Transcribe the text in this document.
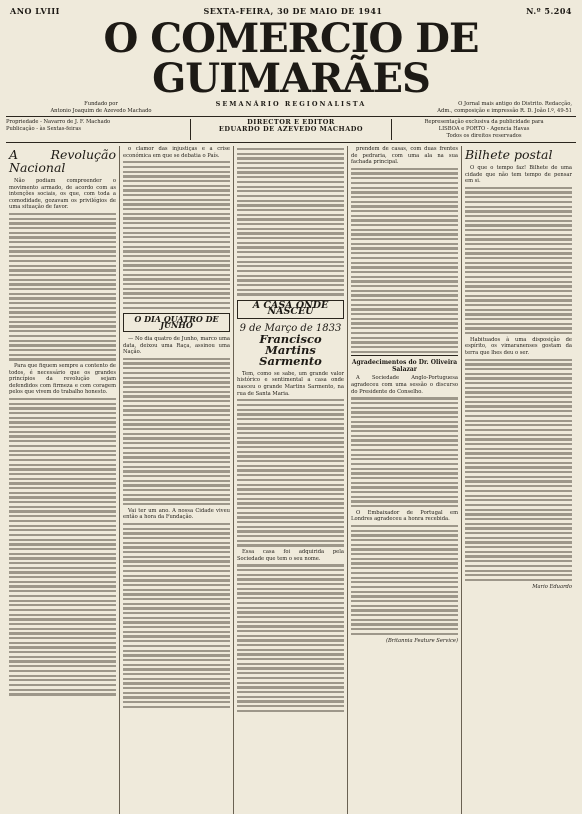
ANO LVIII	SEXTA-FEIRA, 30 DE MAIO DE 1941	N.º 5.204
O COMERCIO DE GUIMARÃES
Fundado por
Antonio Joaquim de Azevedo Machado
SEMANÁRIO REGIONALISTA	O Jornal mais antigo do Distrito. Redacção,
Adm., composição e impressão R. D. João I.º, 49-51
Propriedade - Navarro de J. F. Machado
Publicação - às Sextas-feiras
DIRECTOR E EDITOR
EDUARDO DE AZEVEDO MACHADO
Representação exclusiva da publicidade para
LISBOA e PORTO - Agencia Havas
Todos os direitos reservados
A Revolução Nacional

Não podiam compreender o movimento armado, de acordo com as intenções sociais, os que, com toda a comodidade, gozavam os privilégios de uma situação de favor.

Para que fiquem sempre a contento de todos, é necessário que os grandes princípios da revolução sejam defendidos com firmeza e com coragem pelos que vivem do trabalho honesto.

o clamor das injustiças e a crise económica em que se debatia o País.

O DIA QUATRO DE JUNHO

— No dia quatro de Junho, marco uma data, deixou uma Raça, assinou uma Nação.

Vai ter um ano. A nossa Cidade viveu então a hora da Fundação.

A CASA ONDE NASCEU
9 de Março de 1833
Francisco Martins Sarmento

Tem, como se sabe, um grande valor histórico e sentimental a casa onde nasceu o grande Martins Sarmento, na rua de Santa Maria.

Essa casa foi adquirida pela Sociedade que tem o seu nome.

prendem de casas, com duas frentes de pedraria, com uma ala na sua fachada principal.

Agradecimentos do Dr. Oliveira Salazar

A Sociedade Anglo-Portuguesa agradeceu com uma sessão o discurso do Presidente do Conselho.

O Embaixador de Portugal em Londres agradeceu a honra recebida.

(Britannia Feature Service)
Bilhete postal

O que o tempo faz! Bilhete de uma cidade que não tem tempo de pensar em si.

Habituados à uma disposição de espírito, os vimaranenses gostam da terra que lhes deu o ser.

Mario Eduardo
